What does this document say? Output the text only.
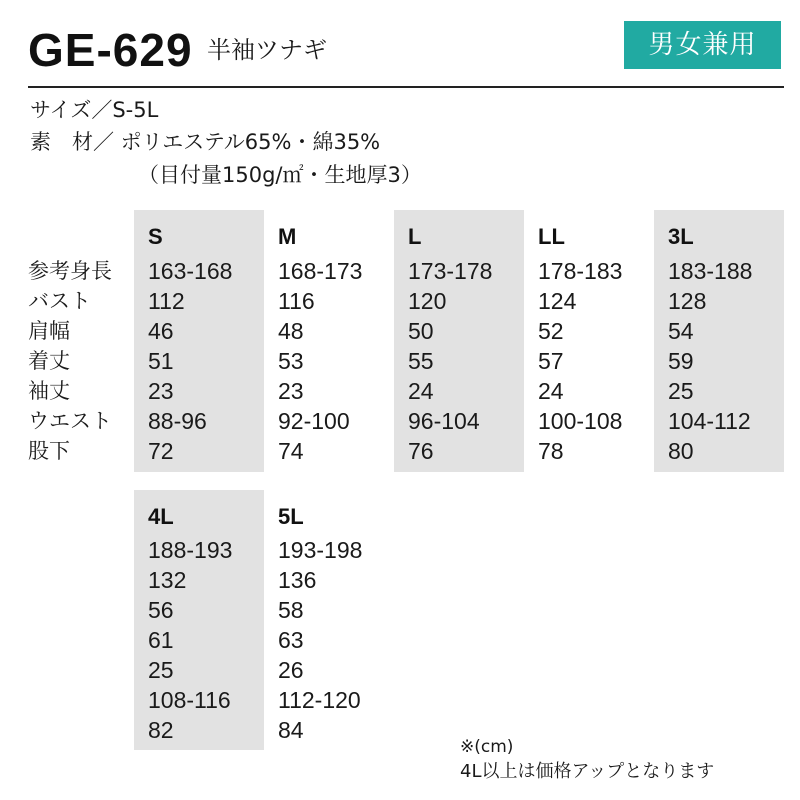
GE-629 半袖ツナギ	男女兼用
サイズ／S-5L
素　材／ ポリエステル65%・綿35%
（目付量150g/㎡・生地厚3）
参考身長
バスト
肩幅
着丈
袖丈
ウエスト
股下
S
163-168
112
46
51
23
88-96
72
M
168-173
116
48
53
23
92-100
74
L
173-178
120
50
55
24
96-104
76
LL
178-183
124
52
57
24
100-108
78
3L
183-188
128
54
59
25
104-112
80
4L
188-193
132
56
61
25
108-116
82
5L
193-198
136
58
63
26
112-120
84
※(cm)
4L以上は価格アップとなります
